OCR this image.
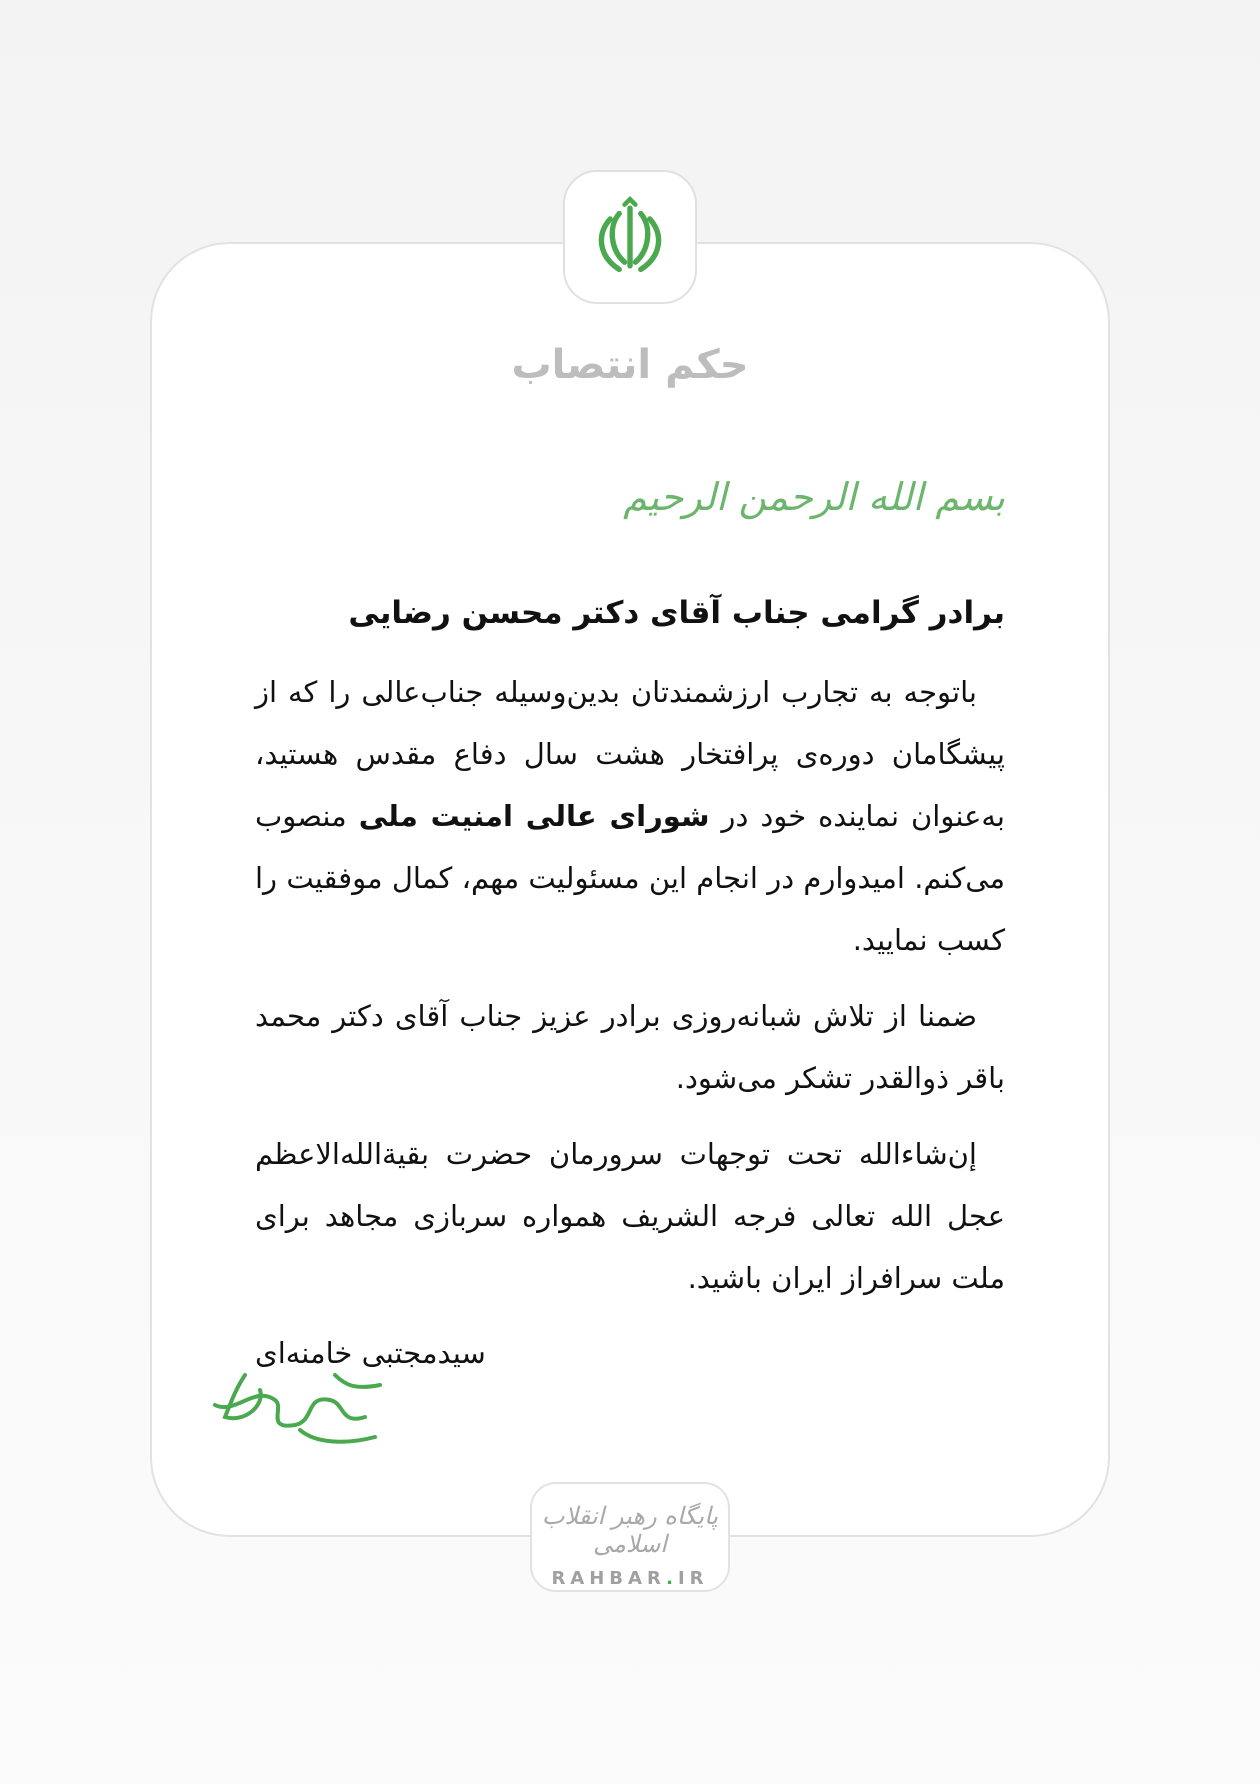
حکم انتصاب
بسم الله الرحمن الرحیم
برادر گرامی جناب آقای دکتر محسن رضایی

باتوجه به تجارب ارزشمندتان بدین‌وسیله جناب‌عالی را که از پیشگامان دوره‌ی پرافتخار هشت سال دفاع مقدس هستید، به‌عنوان نماینده خود در شورای عالی امنیت ملی منصوب می‌کنم. امیدوارم در انجام این مسئولیت مهم، کمال موفقیت را کسب نمایید.

ضمنا از تلاش شبانه‌روزی برادر عزیز جناب آقای دکتر محمد باقر ذوالقدر تشکر می‌شود.

إن‌شاءالله تحت توجهات سرورمان حضرت بقیة‌الله‌الاعظم عجل الله تعالی فرجه الشریف همواره سربازی مجاهد برای ملت سرافراز ایران باشید.

سیدمجتبی خامنه‌ای
پایگاه رهبر انقلاب اسلامی
RAHBAR.IR
